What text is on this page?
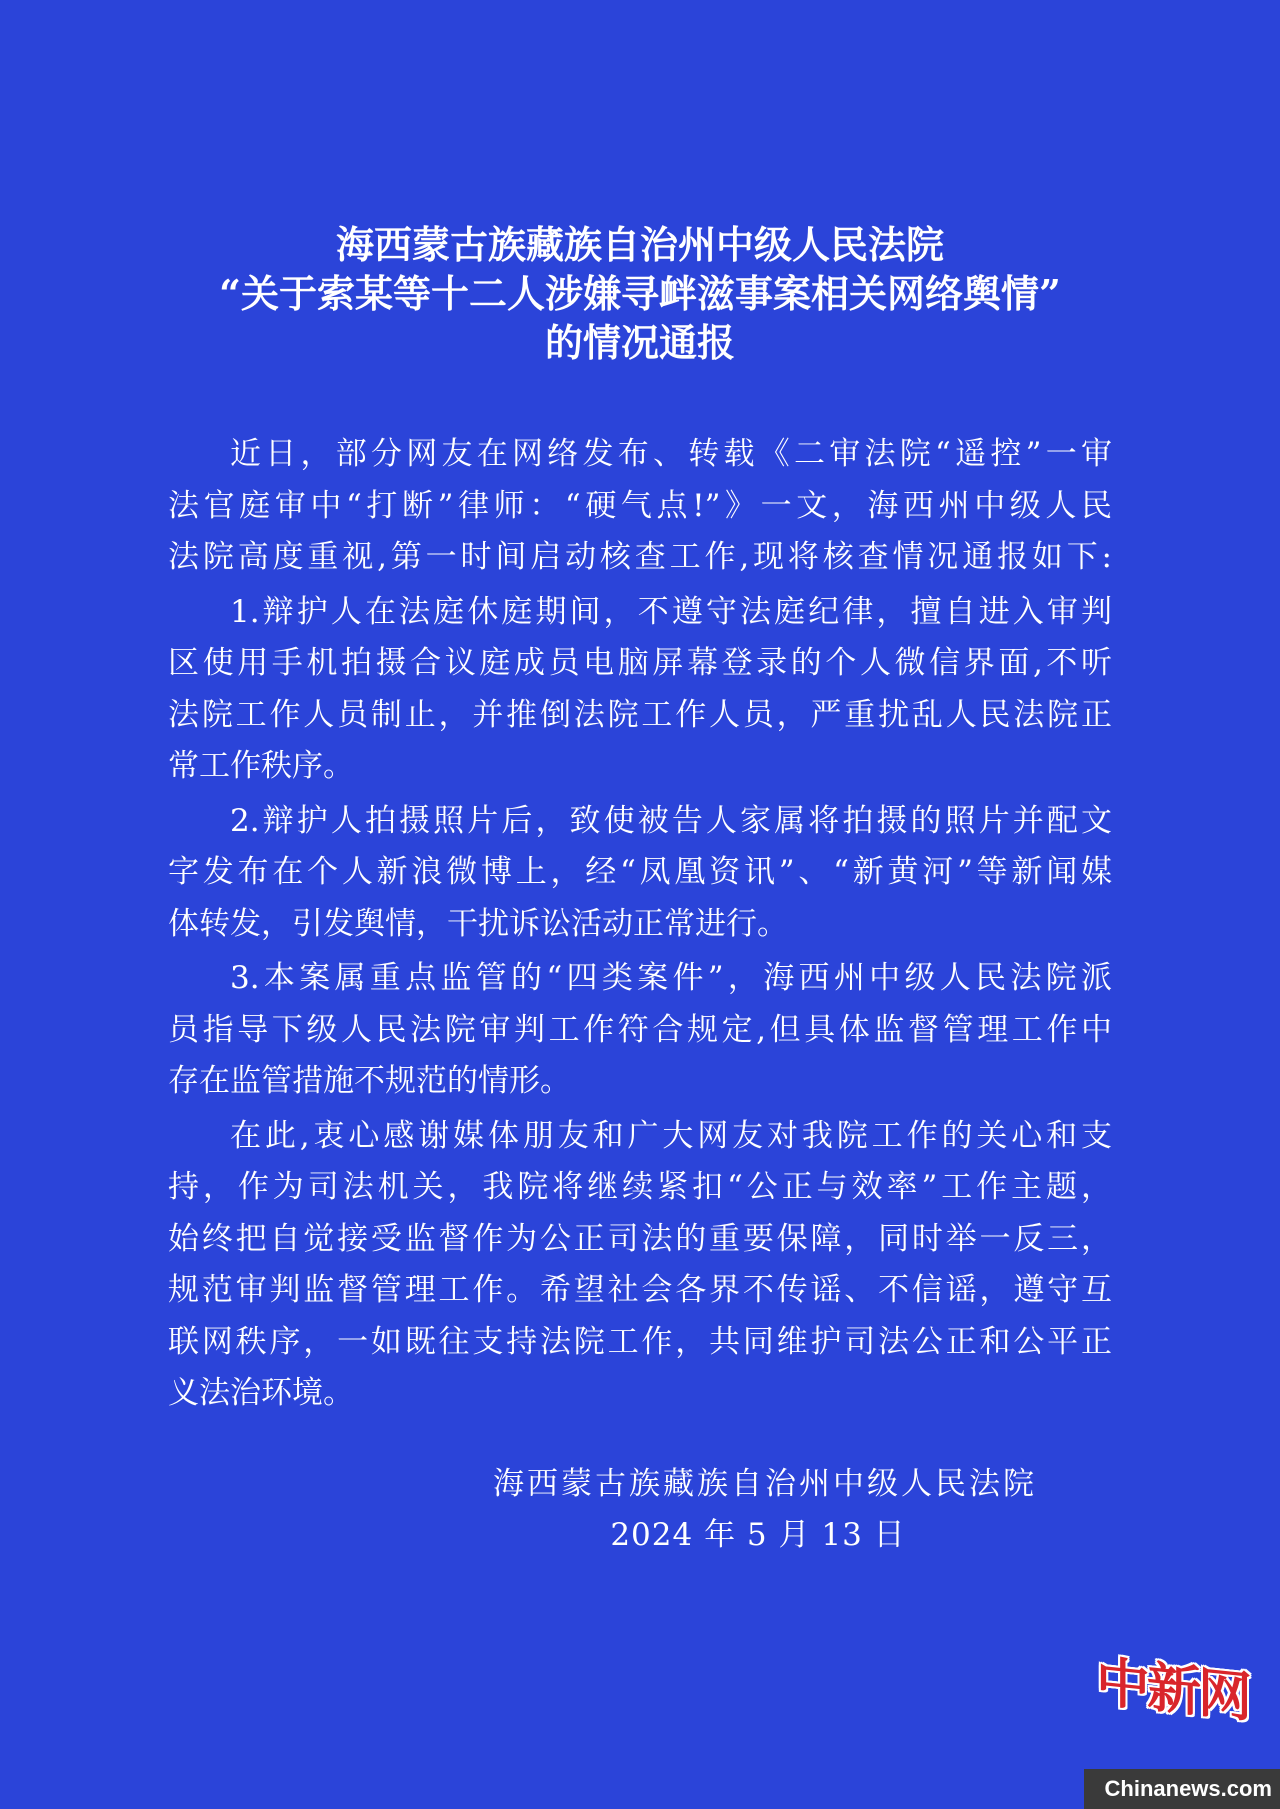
海西蒙古族藏族自治州中级人民法院
“关于索某等十二人涉嫌寻衅滋事案相关网络舆情”
的情况通报
近日，部分网友在网络发布、转载《二审法院“遥控”一审
法官庭审中“打断”律师：“硬气点!”》一文，海西州中级人民
法院高度重视,第一时间启动核查工作,现将核查情况通报如下:
1.辩护人在法庭休庭期间，不遵守法庭纪律，擅自进入审判
区使用手机拍摄合议庭成员电脑屏幕登录的个人微信界面,不听
法院工作人员制止，并推倒法院工作人员，严重扰乱人民法院正
常工作秩序。
2.辩护人拍摄照片后，致使被告人家属将拍摄的照片并配文
字发布在个人新浪微博上，经“凤凰资讯”、“新黄河”等新闻媒
体转发，引发舆情，干扰诉讼活动正常进行。
3.本案属重点监管的“四类案件”，海西州中级人民法院派
员指导下级人民法院审判工作符合规定,但具体监督管理工作中
存在监管措施不规范的情形。
在此,衷心感谢媒体朋友和广大网友对我院工作的关心和支
持，作为司法机关，我院将继续紧扣“公正与效率”工作主题，
始终把自觉接受监督作为公正司法的重要保障，同时举一反三，
规范审判监督管理工作。希望社会各界不传谣、不信谣，遵守互
联网秩序，一如既往支持法院工作，共同维护司法公正和公平正
义法治环境。
海西蒙古族藏族自治州中级人民法院
2024 年 5 月 13 日
中新网
Chinanews.com
